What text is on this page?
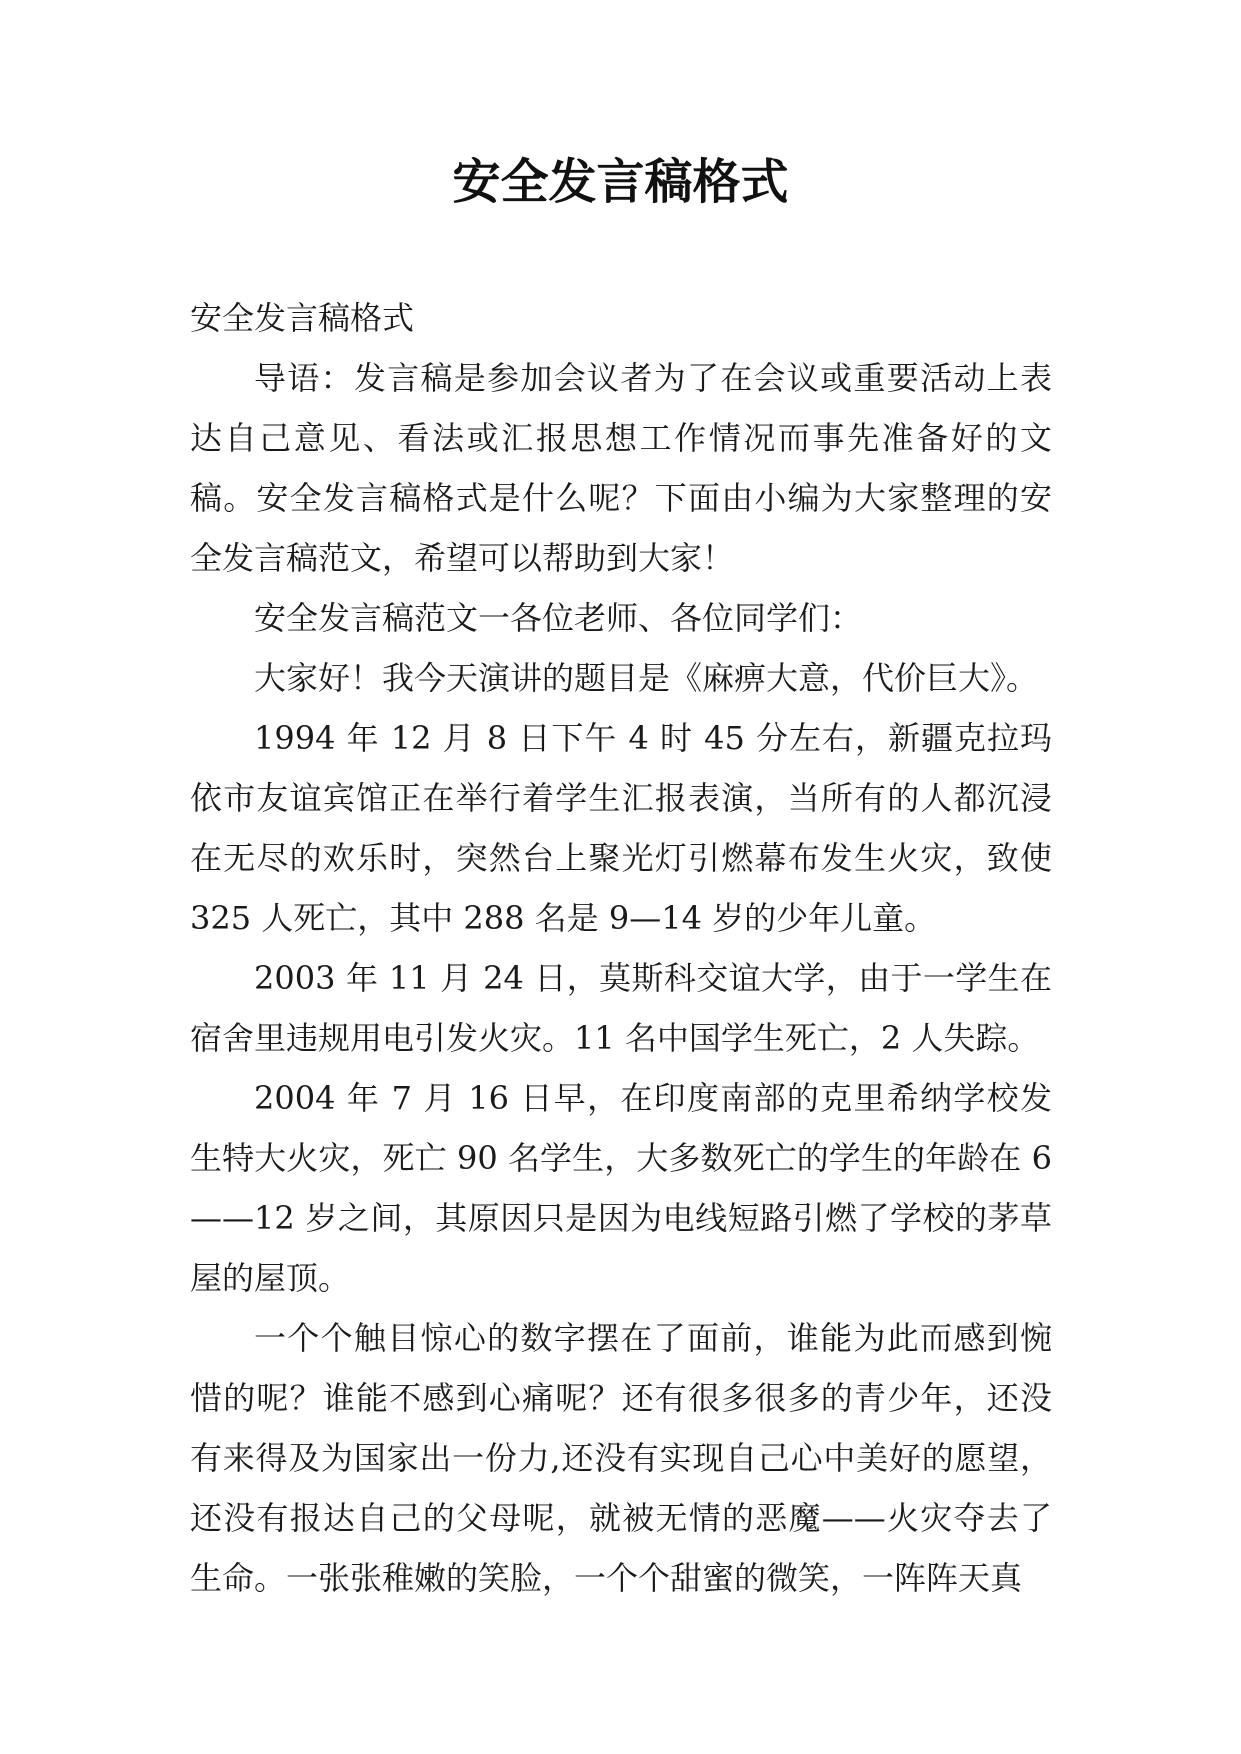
安全发言稿格式

安全发言稿格式

导语：发言稿是参加会议者为了在会议或重要活动上表达自己意见、看法或汇报思想工作情况而事先准备好的文稿。安全发言稿格式是什么呢？下面由小编为大家整理的安全发言稿范文，希望可以帮助到大家！

安全发言稿范文一各位老师、各位同学们：

大家好！我今天演讲的题目是《麻痹大意，代价巨大》。

1994 年 12 月 8 日下午 4 时 45 分左右，新疆克拉玛依市友谊宾馆正在举行着学生汇报表演，当所有的人都沉浸在无尽的欢乐时，突然台上聚光灯引燃幕布发生火灾，致使 325 人死亡，其中 288 名是 9—14 岁的少年儿童。

2003 年 11 月 24 日，莫斯科交谊大学，由于一学生在宿舍里违规用电引发火灾。11 名中国学生死亡，2 人失踪。

2004 年 7 月 16 日早，在印度南部的克里希纳学校发生特大火灾，死亡 90 名学生，大多数死亡的学生的年龄在 6——12 岁之间，其原因只是因为电线短路引燃了学校的茅草屋的屋顶。

一个个触目惊心的数字摆在了面前，谁能为此而感到惋惜的呢？谁能不感到心痛呢？还有很多很多的青少年，还没有来得及为国家出一份力,还没有实现自己心中美好的愿望，还没有报达自己的父母呢，就被无情的恶魔——火灾夺去了生命。一张张稚嫩的笑脸，一个个甜蜜的微笑，一阵阵天真
